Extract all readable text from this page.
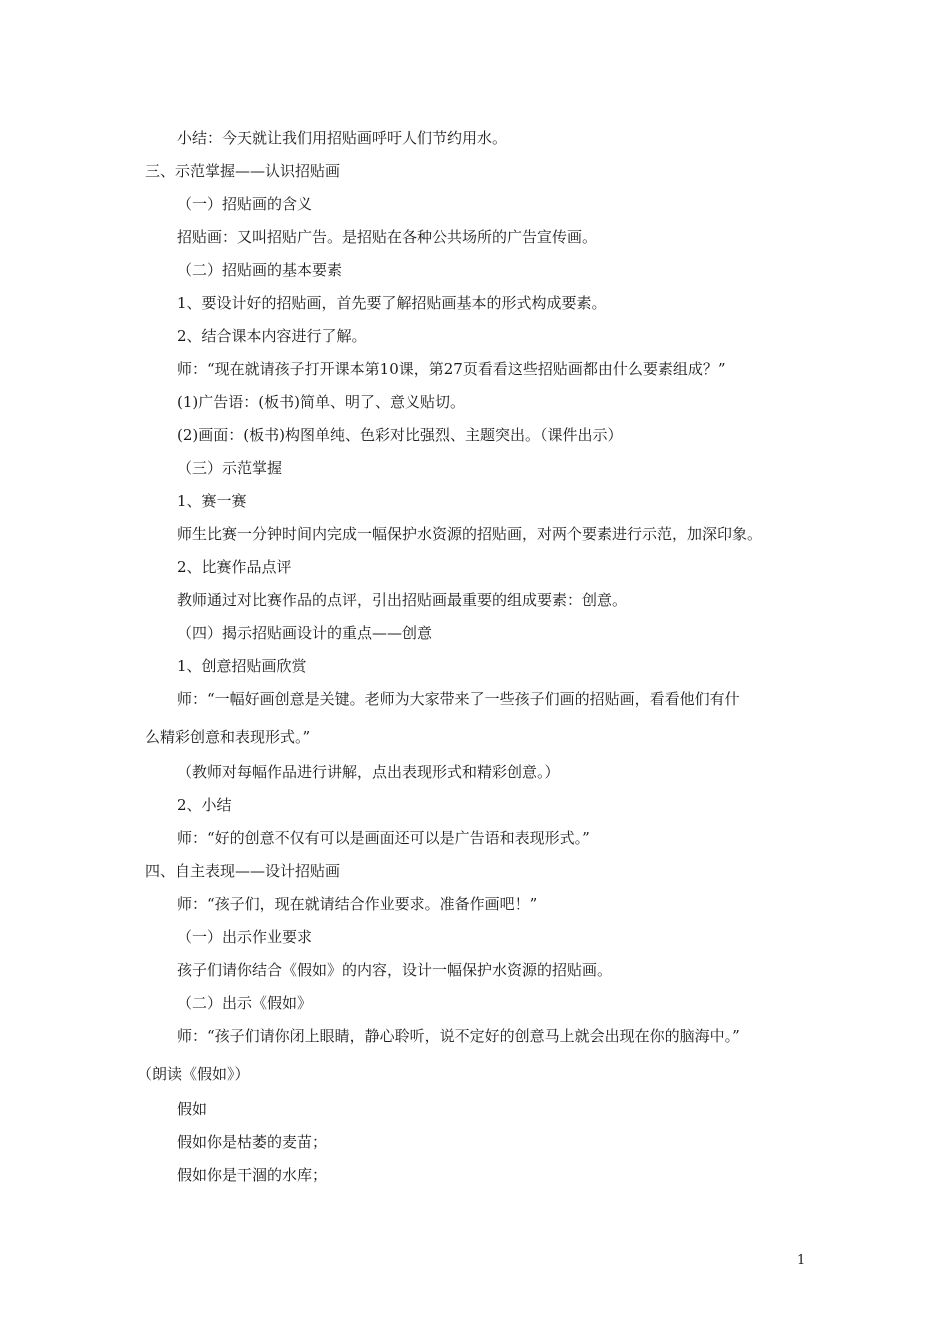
小结：今天就让我们用招贴画呼吁人们节约用水。
三、示范掌握——认识招贴画
（一）招贴画的含义
招贴画：又叫招贴广告。是招贴在各种公共场所的广告宣传画。
（二）招贴画的基本要素
1、要设计好的招贴画，首先要了解招贴画基本的形式构成要素。
2、结合课本内容进行了解。
师：“现在就请孩子打开课本第10课，第27页看看这些招贴画都由什么要素组成？”
(1)广告语：(板书)简单、明了、意义贴切。
(2)画面：(板书)构图单纯、色彩对比强烈、主题突出。（课件出示）
（三）示范掌握
1、赛一赛
师生比赛一分钟时间内完成一幅保护水资源的招贴画，对两个要素进行示范，加深印象。
2、比赛作品点评
教师通过对比赛作品的点评，引出招贴画最重要的组成要素：创意。
（四）揭示招贴画设计的重点——创意
1、创意招贴画欣赏
师：“一幅好画创意是关键。老师为大家带来了一些孩子们画的招贴画，看看他们有什
么精彩创意和表现形式。”
（教师对每幅作品进行讲解，点出表现形式和精彩创意。）
2、小结
师：“好的创意不仅有可以是画面还可以是广告语和表现形式。”
四、自主表现——设计招贴画
师：“孩子们，现在就请结合作业要求。准备作画吧！”
（一）出示作业要求
孩子们请你结合《假如》的内容，设计一幅保护水资源的招贴画。
（二）出示《假如》
师：“孩子们请你闭上眼睛，静心聆听，说不定好的创意马上就会出现在你的脑海中。”
（朗读《假如》）
假如
假如你是枯萎的麦苗；
假如你是干涸的水库；
1
